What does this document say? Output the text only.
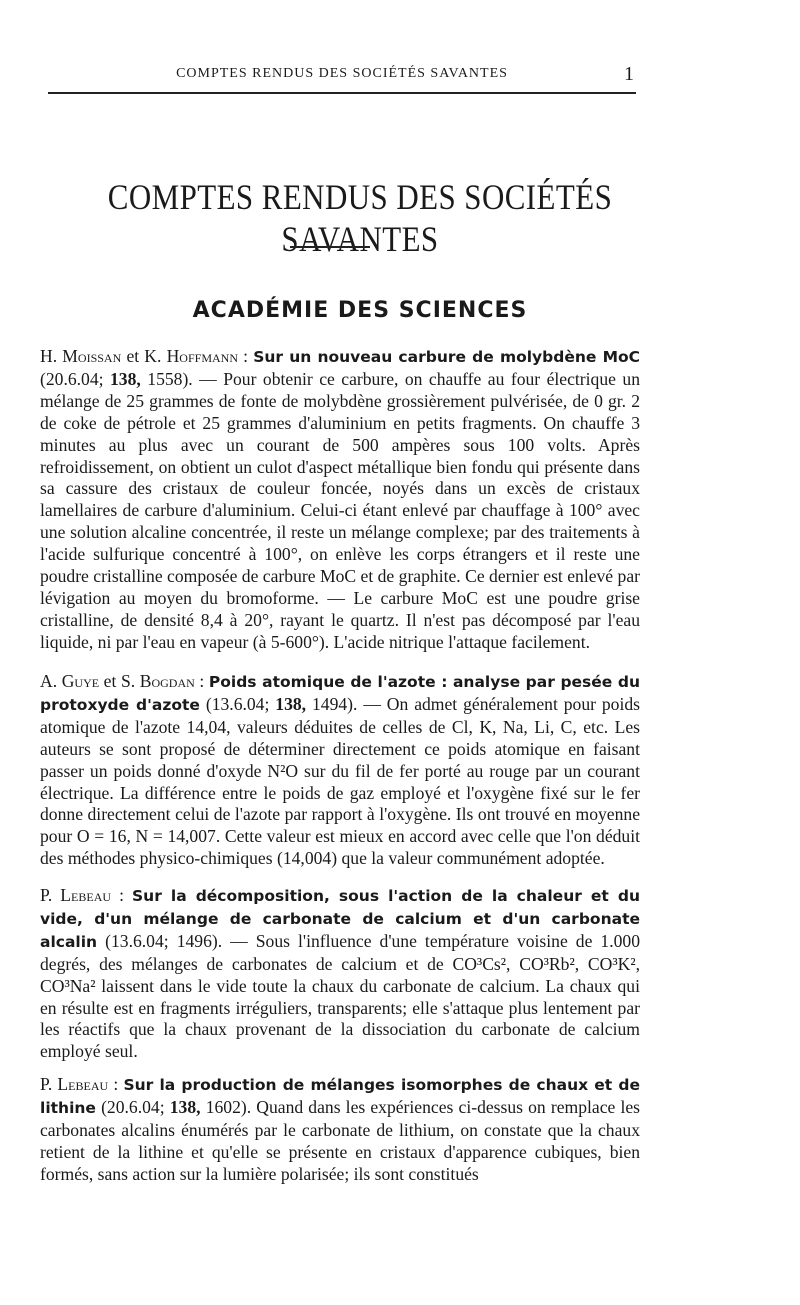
COMPTES RENDUS DES SOCIÉTÉS SAVANTES	1
COMPTES RENDUS DES SOCIÉTÉS SAVANTES
ACADÉMIE DES SCIENCES

H. Moissan et K. Hoffmann : Sur un nouveau carbure de molybdène MoC (20.6.04; 138, 1558). — Pour obtenir ce carbure, on chauffe au four électrique un mélange de 25 grammes de fonte de molybdène grossièrement pulvérisée, de 0 gr. 2 de coke de pétrole et 25 grammes d'aluminium en petits fragments. On chauffe 3 minutes au plus avec un courant de 500 ampères sous 100 volts. Après refroidissement, on obtient un culot d'aspect métallique bien fondu qui présente dans sa cassure des cristaux de couleur foncée, noyés dans un excès de cristaux lamellaires de carbure d'aluminium. Celui-ci étant enlevé par chauffage à 100° avec une solution alcaline concentrée, il reste un mélange complexe; par des traitements à l'acide sulfurique concentré à 100°, on enlève les corps étrangers et il reste une poudre cristalline composée de carbure MoC et de graphite. Ce dernier est enlevé par lévigation au moyen du bromoforme. — Le carbure MoC est une poudre grise cristalline, de densité 8,4 à 20°, rayant le quartz. Il n'est pas décomposé par l'eau liquide, ni par l'eau en vapeur (à 5-600°). L'acide nitrique l'attaque facilement.

A. Guye et S. Bogdan : Poids atomique de l'azote : analyse par pesée du protoxyde d'azote (13.6.04; 138, 1494). — On admet généralement pour poids atomique de l'azote 14,04, valeurs déduites de celles de Cl, K, Na, Li, C, etc. Les auteurs se sont proposé de déterminer directement ce poids atomique en faisant passer un poids donné d'oxyde N²O sur du fil de fer porté au rouge par un courant électrique. La différence entre le poids de gaz employé et l'oxygène fixé sur le fer donne directement celui de l'azote par rapport à l'oxygène. Ils ont trouvé en moyenne pour O = 16, N = 14,007. Cette valeur est mieux en accord avec celle que l'on déduit des méthodes physico-chimiques (14,004) que la valeur communément adoptée.

P. Lebeau : Sur la décomposition, sous l'action de la chaleur et du vide, d'un mélange de carbonate de calcium et d'un carbonate alcalin (13.6.04; 1496). — Sous l'influence d'une température voisine de 1.000 degrés, des mélanges de carbonates de calcium et de CO³Cs², CO³Rb², CO³K², CO³Na² laissent dans le vide toute la chaux du carbonate de calcium. La chaux qui en résulte est en fragments irréguliers, transparents; elle s'attaque plus lentement par les réactifs que la chaux provenant de la dissociation du carbonate de calcium employé seul.

P. Lebeau : Sur la production de mélanges isomorphes de chaux et de lithine (20.6.04; 138, 1602). Quand dans les expériences ci-dessus on remplace les carbonates alcalins énumérés par le carbonate de lithium, on constate que la chaux retient de la lithine et qu'elle se présente en cristaux d'apparence cubiques, bien formés, sans action sur la lumière polarisée; ils sont constitués
